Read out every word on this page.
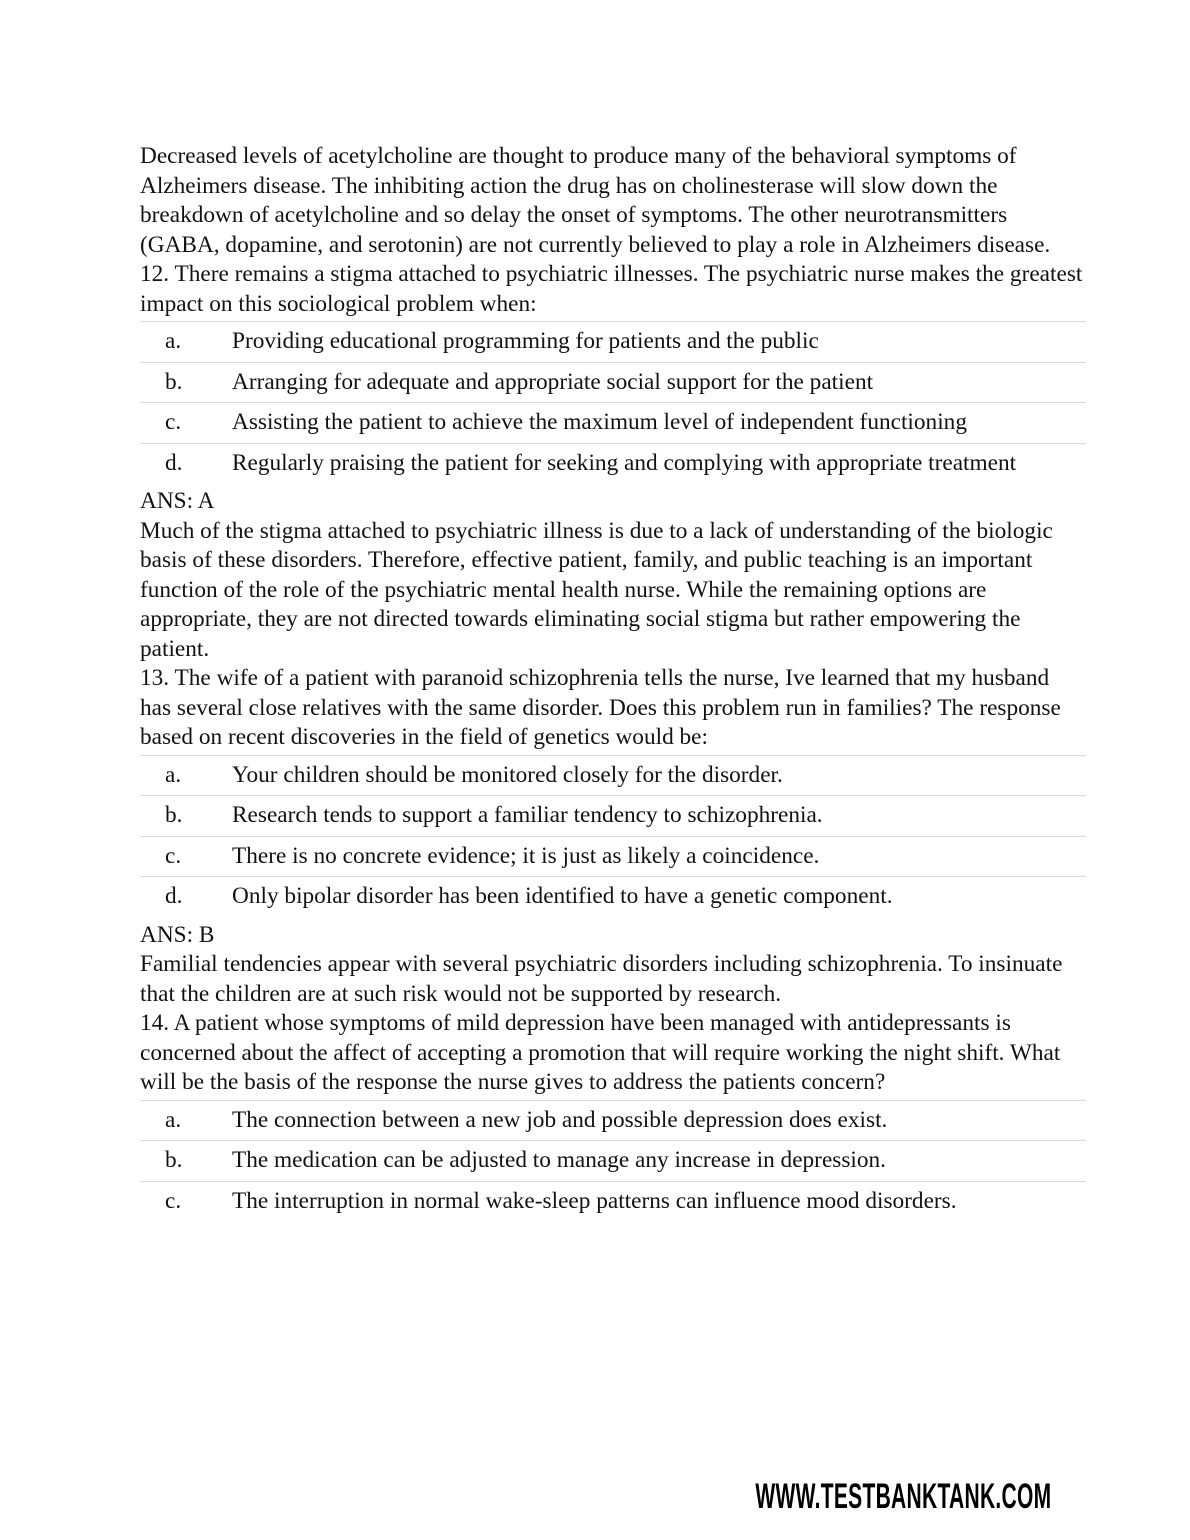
Decreased levels of acetylcholine are thought to produce many of the behavioral symptoms of Alzheimers disease. The inhibiting action the drug has on cholinesterase will slow down the breakdown of acetylcholine and so delay the onset of symptoms. The other neurotransmitters (GABA, dopamine, and serotonin) are not currently believed to play a role in Alzheimers disease.

12. There remains a stigma attached to psychiatric illnesses. The psychiatric nurse makes the greatest impact on this sociological problem when:

a.	Providing educational programming for patients and the public
b.	Arranging for adequate and appropriate social support for the patient
c.	Assisting the patient to achieve the maximum level of independent functioning
d.	Regularly praising the patient for seeking and complying with appropriate treatment

ANS: A

Much of the stigma attached to psychiatric illness is due to a lack of understanding of the biologic basis of these disorders. Therefore, effective patient, family, and public teaching is an important function of the role of the psychiatric mental health nurse. While the remaining options are appropriate, they are not directed towards eliminating social stigma but rather empowering the patient.

13. The wife of a patient with paranoid schizophrenia tells the nurse, Ive learned that my husband has several close relatives with the same disorder. Does this problem run in families? The response based on recent discoveries in the field of genetics would be:

a.	Your children should be monitored closely for the disorder.
b.	Research tends to support a familiar tendency to schizophrenia.
c.	There is no concrete evidence; it is just as likely a coincidence.
d.	Only bipolar disorder has been identified to have a genetic component.

ANS: B

Familial tendencies appear with several psychiatric disorders including schizophrenia. To insinuate that the children are at such risk would not be supported by research.

14. A patient whose symptoms of mild depression have been managed with antidepressants is concerned about the affect of accepting a promotion that will require working the night shift. What will be the basis of the response the nurse gives to address the patients concern?

a.	The connection between a new job and possible depression does exist.
b.	The medication can be adjusted to manage any increase in depression.
c.	The interruption in normal wake-sleep patterns can influence mood disorders.
WWW.TESTBANKTANK.COM
